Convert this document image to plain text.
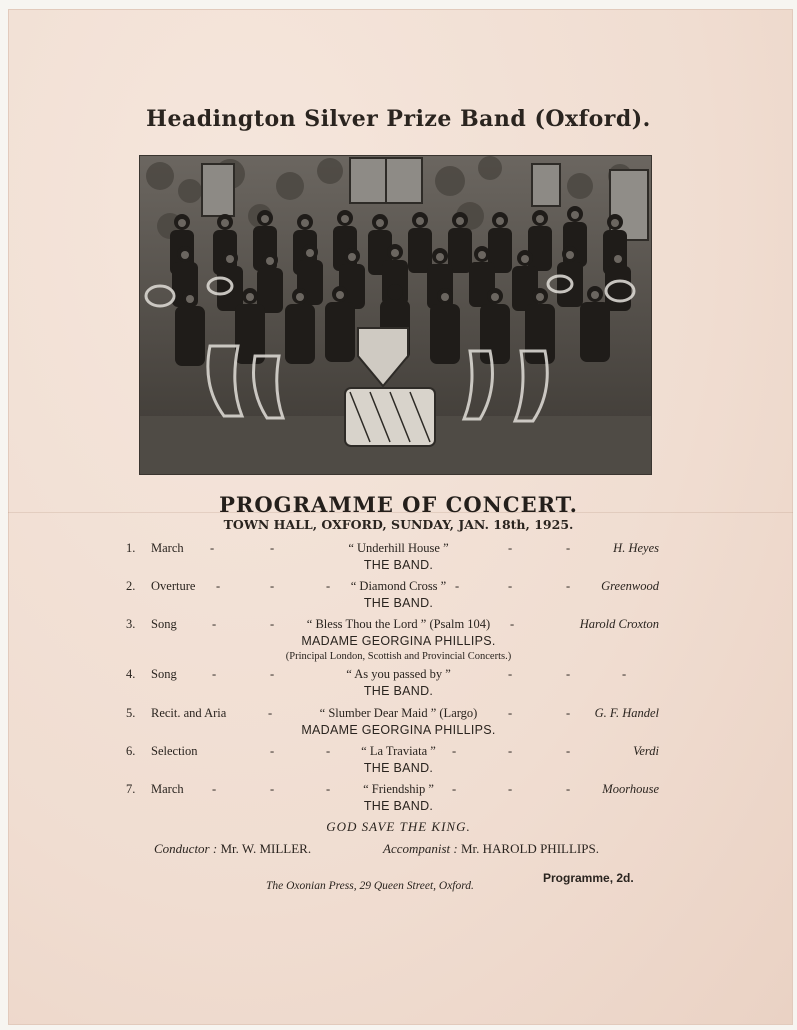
Headington Silver Prize Band (Oxford).
PROGRAMME OF CONCERT.
TOWN HALL, OXFORD, SUNDAY, JAN. 18th, 1925.
1.	March -	-	“ Underhill House ”	-	-	H. Heyes
THE BAND.
2.	Overture -	-	-	“ Diamond Cross ” -	-	- Greenwood
THE BAND.
3.	Song	-	-	“ Bless Thou the Lord ” (Psalm 104)	-	Harold Croxton
MADAME GEORGINA PHILLIPS.
(Principal London, Scottish and Provincial Concerts.)
4.	Song	-	-	“ As you passed by ”	-	-	-
THE BAND.
5.	Recit. and Aria	-	“ Slumber Dear Maid ” (Largo)	-	- G. F. Handel
MADAME GEORGINA PHILLIPS.
6.	Selection	-	-	“ La Traviata ”	-	-	-	Verdi
THE BAND.
7.	March -	-	-	“ Friendship ”	-	-	-	Moorhouse
THE BAND.
GOD SAVE THE KING.
Conductor : Mr. W. MILLER.	Accompanist : Mr. HAROLD PHILLIPS.
Programme, 2d.
The Oxonian Press, 29 Queen Street, Oxford.
